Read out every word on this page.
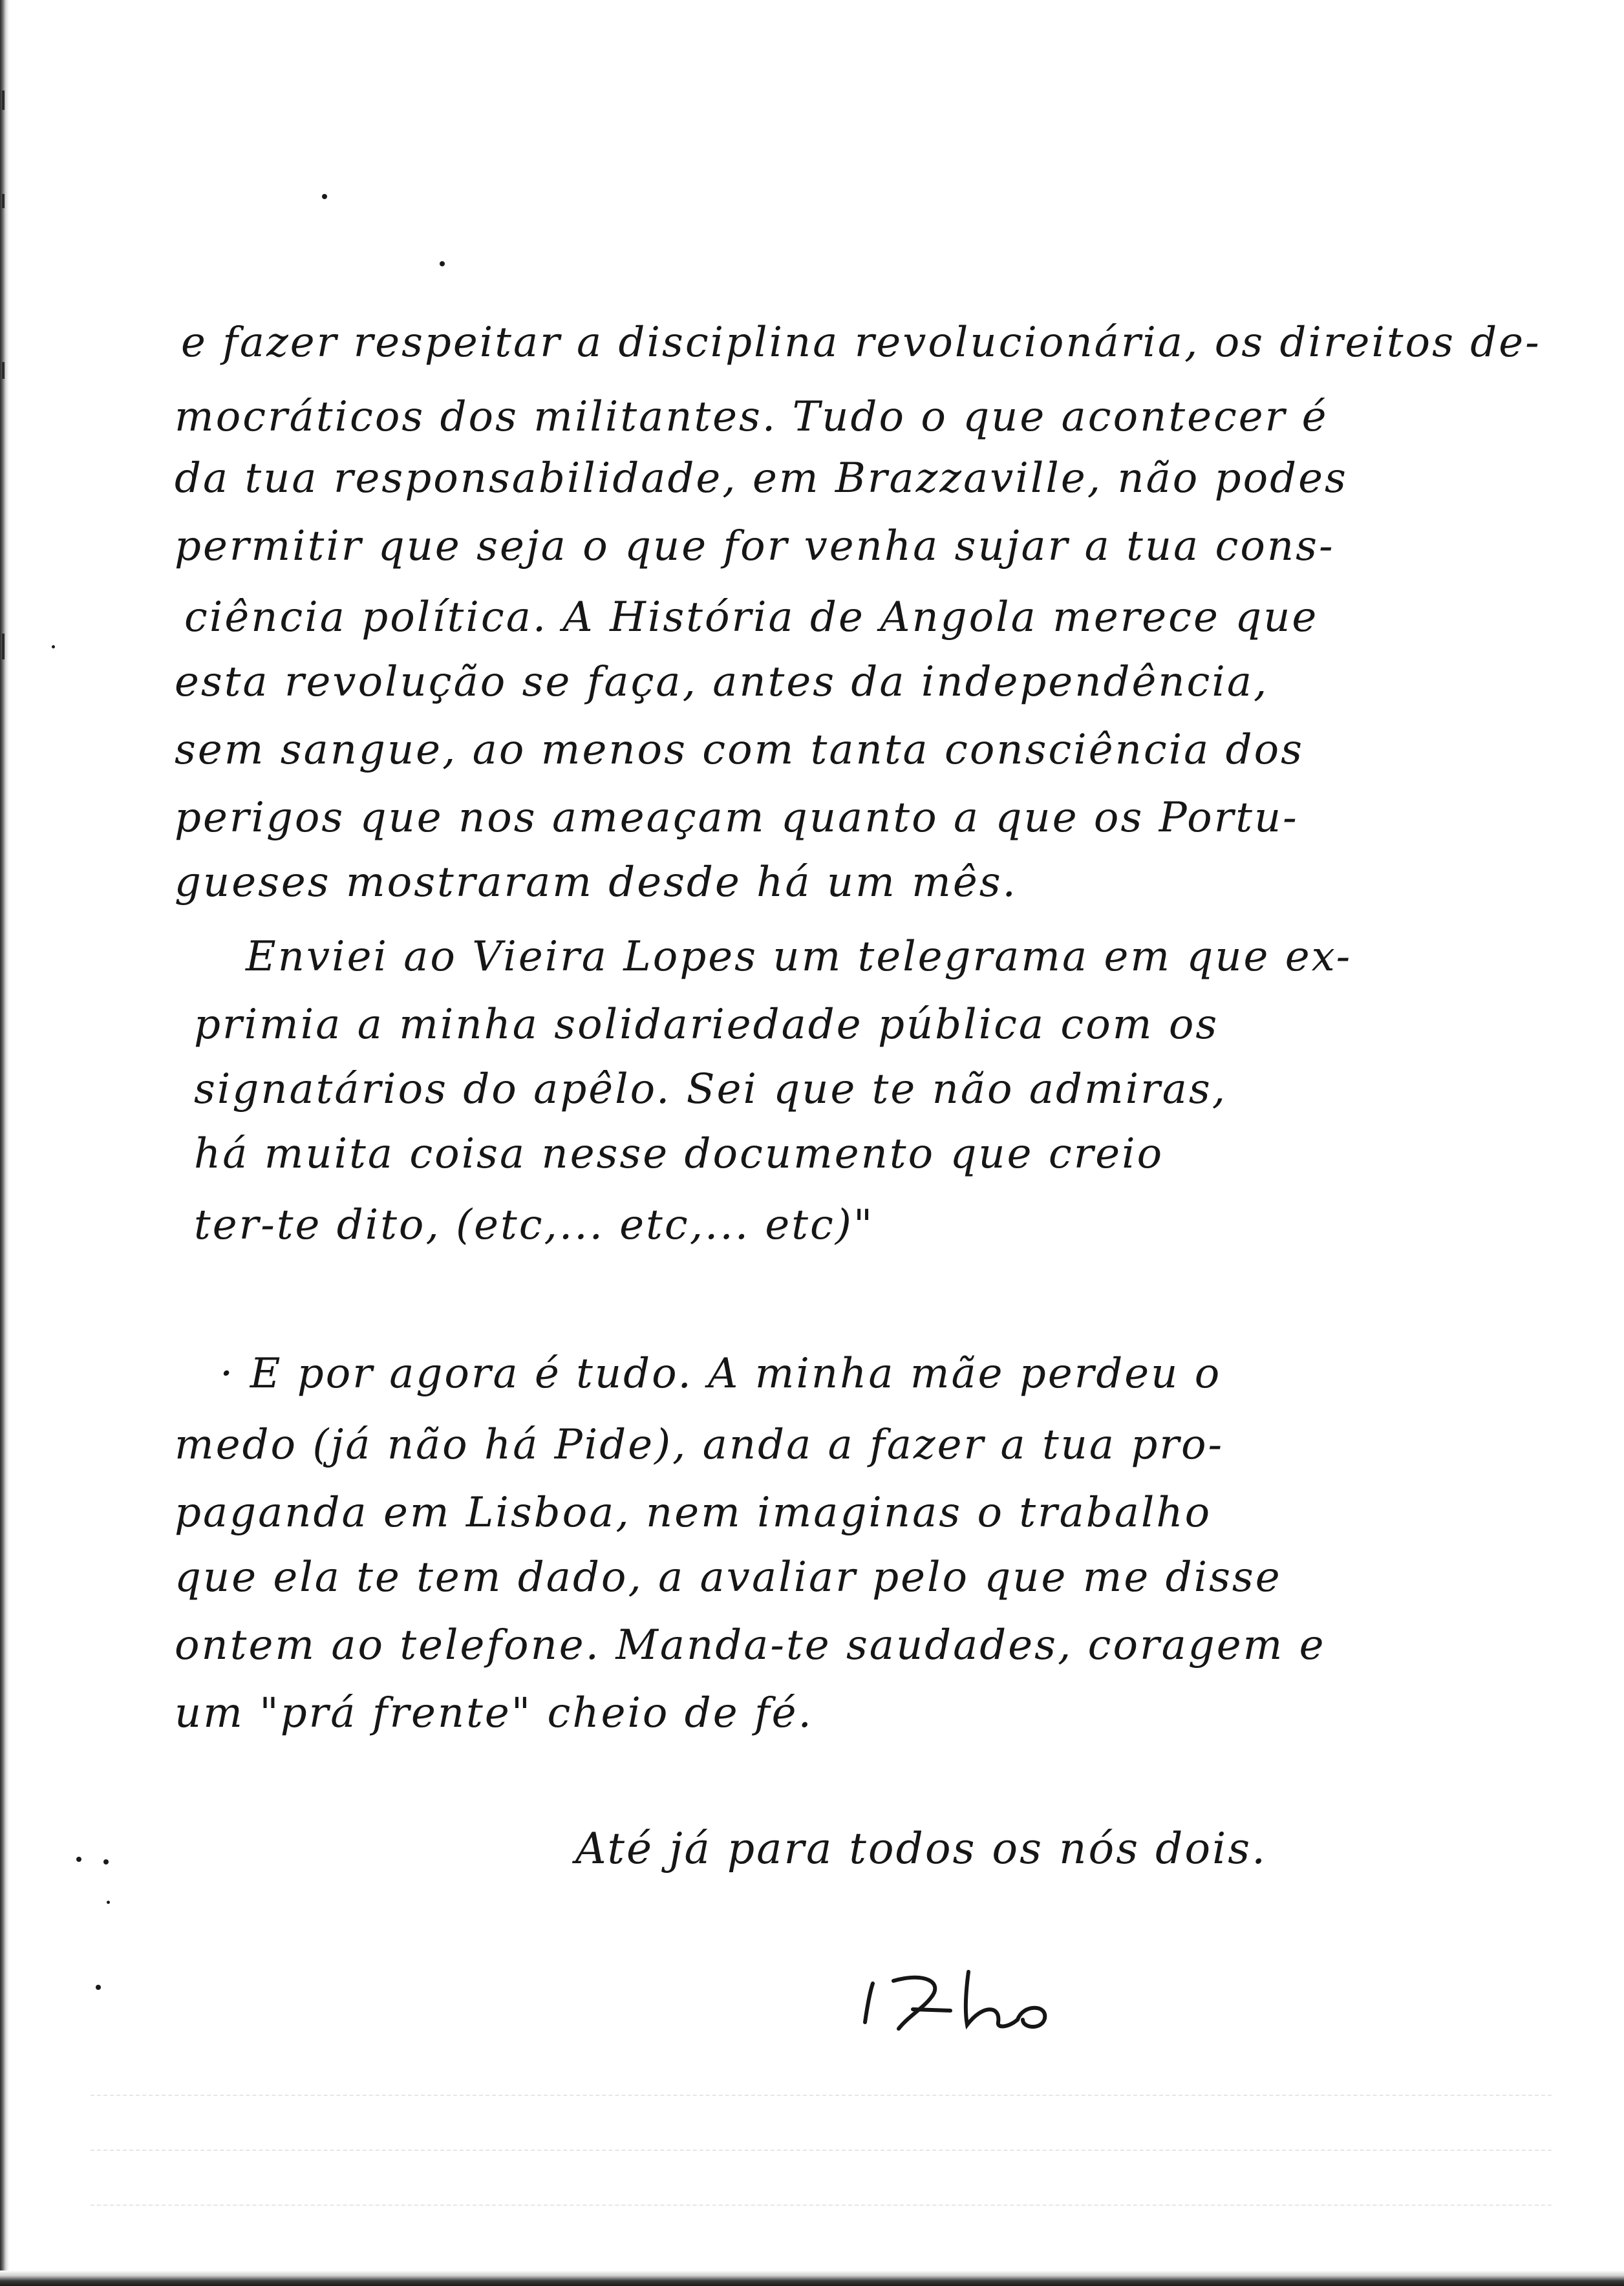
e fazer respeitar a disciplina revolucionária, os direitos de-
mocráticos dos militantes. Tudo o que acontecer é
da tua responsabilidade, em Brazzaville, não podes
permitir que seja o que for venha sujar a tua cons-
ciência política. A História de Angola merece que
esta revolução se faça, antes da independência,
sem sangue, ao menos com tanta consciência dos
perigos que nos ameaçam quanto a que os Portu-
gueses mostraram desde há um mês.
Enviei ao Vieira Lopes um telegrama em que ex-
primia a minha solidariedade pública com os
signatários do apêlo. Sei que te não admiras,
há muita coisa nesse documento que creio
ter-te dito, (etc,... etc,... etc)"
· E por agora é tudo. A minha mãe perdeu o
medo (já não há Pide), anda a fazer a tua pro-
paganda em Lisboa, nem imaginas o trabalho
que ela te tem dado, a avaliar pelo que me disse
ontem ao telefone. Manda-te saudades, coragem e
um "prá frente" cheio de fé.
Até já para todos os nós dois.
